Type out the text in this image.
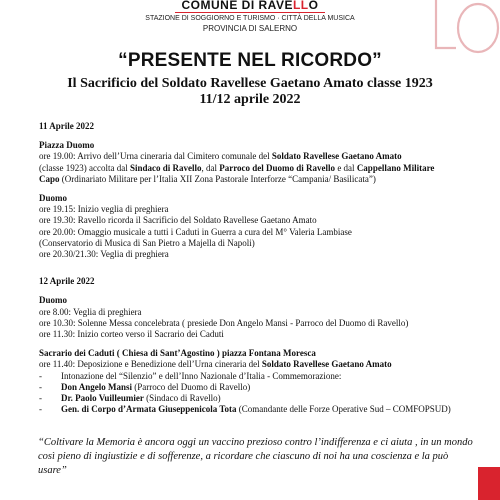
COMUNE DI RAVELLO
STAZIONE DI SOGGIORNO E TURISMO · CITTÀ DELLA MUSICA
PROVINCIA DI SALERNO
“PRESENTE NEL RICORDO”
Il Sacrificio del Soldato Ravellese Gaetano Amato classe 1923
11/12 aprile 2022
11 Aprile 2022
Piazza Duomo
ore 19.00: Arrivo dell’Urna cineraria dal Cimitero comunale del Soldato Ravellese Gaetano Amato
(classe 1923) accolta dal Sindaco di Ravello, dal Parroco del Duomo di Ravello e dal Cappellano Militare
Capo (Ordinariato Militare per l’Italia XII Zona Pastorale Interforze “Campania/ Basilicata”)
Duomo
ore 19.15: Inizio veglia di preghiera
ore 19.30: Ravello ricorda il Sacrificio del Soldato Ravellese Gaetano Amato
ore 20.00: Omaggio musicale a tutti i Caduti in Guerra a cura del M° Valeria Lambiase
(Conservatorio di Musica di San Pietro a Majella di Napoli)
ore 20.30/21.30: Veglia di preghiera
12 Aprile 2022
Duomo
ore 8.00: Veglia di preghiera
ore 10.30: Solenne Messa concelebrata ( presiede Don Angelo Mansi - Parroco del Duomo di Ravello)
ore 11.30: Inizio corteo verso il Sacrario dei Caduti
Sacrario dei Caduti ( Chiesa di Sant’Agostino ) piazza Fontana Moresca
ore 11.40: Deposizione e Benedizione dell’Urna cineraria del Soldato Ravellese Gaetano Amato
-	Intonazione del “Silenzio” e dell’Inno Nazionale d’Italia - Commemorazione:
-	Don Angelo Mansi (Parroco del Duomo di Ravello)
-	Dr. Paolo Vuilleumier (Sindaco di Ravello)
-	Gen. di Corpo d’Armata Giuseppenicola Tota (Comandante delle Forze Operative Sud – COMFOPSUD)
“Coltivare la Memoria è ancora oggi un vaccino prezioso contro l’indifferenza e ci aiuta , in un mondo così pieno di ingiustizie e di sofferenze, a ricordare che ciascuno di noi ha una coscienza e la può usare”
